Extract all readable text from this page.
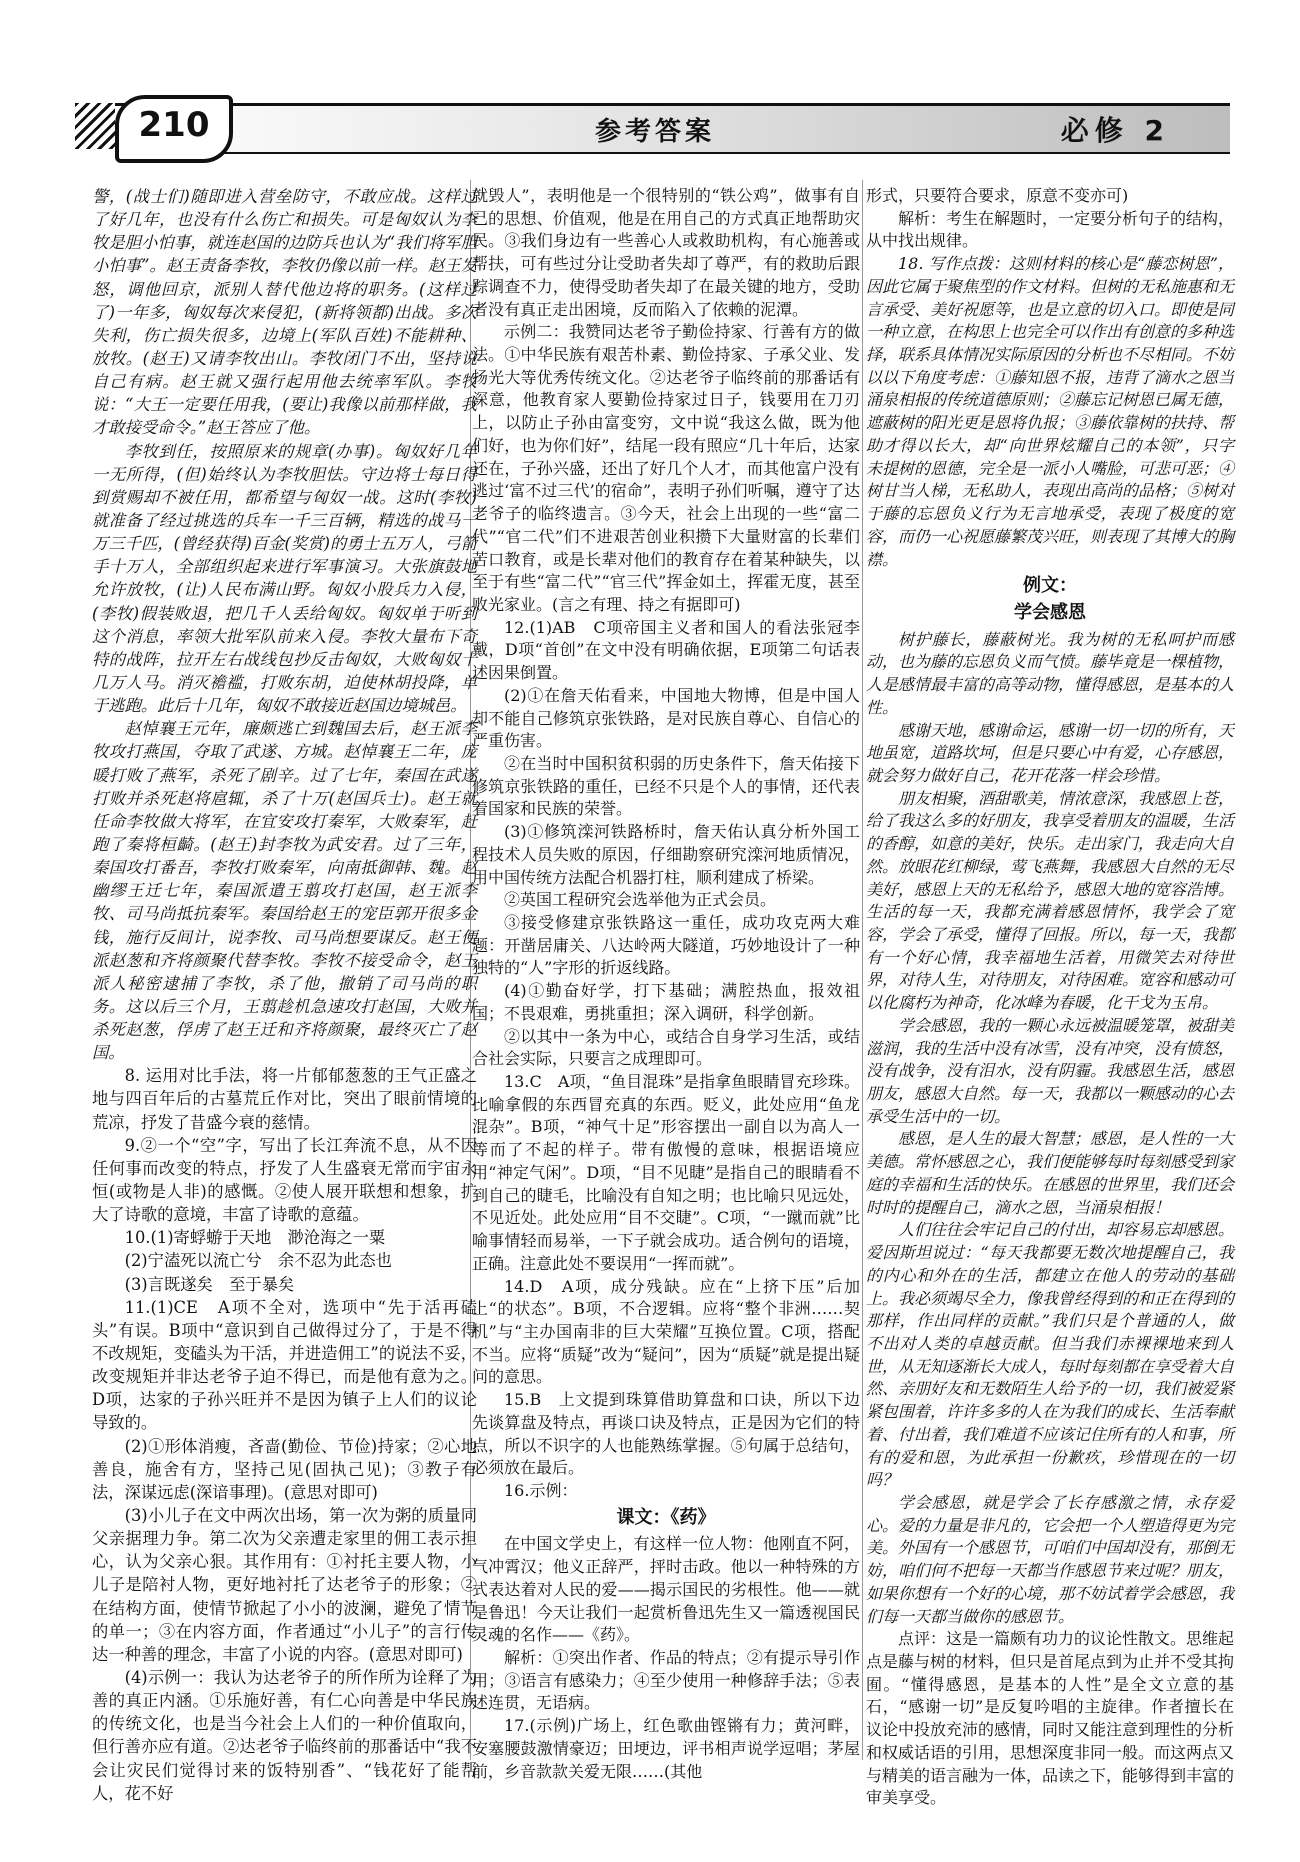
210	参考答案	必修 2

警，(战士们)随即进入营垒防守，不敢应战。这样过了好几年，也没有什么伤亡和损失。可是匈奴认为李牧是胆小怕事，就连赵国的边防兵也认为“我们将军胆小怕事”。赵王责备李牧，李牧仍像以前一样。赵王发怒，调他回京，派别人替代他边将的职务。(这样过了)一年多，匈奴每次来侵犯，(新将领都)出战。多次失利，伤亡损失很多，边境上(军队百姓)不能耕种、放牧。(赵王)又请李牧出山。李牧闭门不出，坚持说自己有病。赵王就又强行起用他去统率军队。李牧说：“大王一定要任用我，(要让)我像以前那样做，我才敢接受命令。”赵王答应了他。

李牧到任，按照原来的规章(办事)。匈奴好几年一无所得，(但)始终认为李牧胆怯。守边将士每日得到赏赐却不被任用，都希望与匈奴一战。这时(李牧)就准备了经过挑选的兵车一千三百辆，精选的战马一万三千匹，(曾经获得)百金(奖赏)的勇士五万人，弓箭手十万人，全部组织起来进行军事演习。大张旗鼓地允许放牧，(让)人民布满山野。匈奴小股兵力入侵，(李牧)假装败退，把几千人丢给匈奴。匈奴单于听到这个消息，率领大批军队前来入侵。李牧大量布下奇特的战阵，拉开左右战线包抄反击匈奴，大败匈奴十几万人马。消灭襜褴，打败东胡，迫使林胡投降，单于逃跑。此后十几年，匈奴不敢接近赵国边境城邑。

赵悼襄王元年，廉颇逃亡到魏国去后，赵王派李牧攻打燕国，夺取了武遂、方城。赵悼襄王二年，庞暖打败了燕军，杀死了剧辛。过了七年，秦国在武遂打败并杀死赵将扈辄，杀了十万(赵国兵士)。赵王就任命李牧做大将军，在宜安攻打秦军，大败秦军，赶跑了秦将桓齮。(赵王)封李牧为武安君。过了三年，秦国攻打番吾，李牧打败秦军，向南抵御韩、魏。赵幽缪王迁七年，秦国派遣王翦攻打赵国，赵王派李牧、司马尚抵抗秦军。秦国给赵王的宠臣郭开很多金钱，施行反间计，说李牧、司马尚想要谋反。赵王便派赵葱和齐将颜聚代替李牧。李牧不接受命令，赵王派人秘密逮捕了李牧，杀了他，撤销了司马尚的职务。这以后三个月，王翦趁机急速攻打赵国，大败并杀死赵葱，俘虏了赵王迁和齐将颜聚，最终灭亡了赵国。

8. 运用对比手法，将一片郁郁葱葱的王气正盛之地与四百年后的古墓荒丘作对比，突出了眼前情境的荒凉，抒发了昔盛今衰的慈情。

9.②一个“空”字，写出了长江奔流不息，从不因任何事而改变的特点，抒发了人生盛衰无常而宇宙永恒(或物是人非)的感慨。②使人展开联想和想象，扩大了诗歌的意境，丰富了诗歌的意蕴。

10.(1)寄蜉蝣于天地　渺沧海之一粟

(2)宁溘死以流亡兮　余不忍为此态也

(3)言既遂矣　至于暴矣

11.(1)CE　A项不全对，选项中“先于活再磕头”有误。B项中“意识到自己做得过分了，于是不得不改规矩，变磕头为干活，并进造佣工”的说法不妥，改变规矩并非达老爷子迫不得已，而是他有意为之。D项，达家的子孙兴旺并不是因为镇子上人们的议论导致的。

(2)①形体消瘦，吝啬(勤俭、节俭)持家；②心地善良，施舍有方，坚持己见(固执己见)；③教子有法，深谋远虑(深谙事理)。(意思对即可)

(3)小儿子在文中两次出场，第一次为粥的质量同父亲据理力争。第二次为父亲遭走家里的佣工表示担心，认为父亲心狠。其作用有：①衬托主要人物，小儿子是陪衬人物，更好地衬托了达老爷子的形象；②在结构方面，使情节掀起了小小的波澜，避免了情节的单一；③在内容方面，作者通过“小儿子”的言行传达一种善的理念，丰富了小说的内容。(意思对即可)

(4)示例一：我认为达老爷子的所作所为诠释了为善的真正内涵。①乐施好善，有仁心向善是中华民族的传统文化，也是当今社会上人们的一种价值取向，但行善亦应有道。②达老爷子临终前的那番话中“我不会让灾民们觉得讨来的饭特别香”、“钱花好了能帮人，花不好

就毁人”，表明他是一个很特别的“铁公鸡”，做事有自己的思想、价值观，他是在用自己的方式真正地帮助灾民。③我们身边有一些善心人或救助机构，有心施善或帮扶，可有些过分让受助者失却了尊严，有的救助后跟踪调查不力，使得受助者失却了在最关键的地方，受助者没有真正走出困境，反而陷入了依赖的泥潭。

示例二：我赞同达老爷子勤俭持家、行善有方的做法。①中华民族有艰苦朴素、勤俭持家、子承父业、发扬光大等优秀传统文化。②达老爷子临终前的那番话有深意，他教育家人要勤俭持家过日子，钱要用在刀刃上，以防止子孙由富变穷，文中说“我这么做，既为他们好，也为你们好”，结尾一段有照应“几十年后，达家还在，子孙兴盛，还出了好几个人才，而其他富户没有逃过‘富不过三代’的宿命”，表明子孙们听嘱，遵守了达老爷子的临终遗言。③今天，社会上出现的一些“富二代”“官二代”们不进艰苦创业积攒下大量财富的长辈们苦口教育，或是长辈对他们的教育存在着某种缺失，以至于有些“富二代”“官三代”挥金如土，挥霍无度，甚至败光家业。(言之有理、持之有据即可)

12.(1)AB　C项帝国主义者和国人的看法张冠李戴，D项“首创”在文中没有明确依据，E项第二句话表述因果倒置。

(2)①在詹天佑看来，中国地大物博，但是中国人却不能自己修筑京张铁路，是对民族自尊心、自信心的严重伤害。

②在当时中国积贫积弱的历史条件下，詹天佑接下修筑京张铁路的重任，已经不只是个人的事情，还代表着国家和民族的荣誉。

(3)①修筑滦河铁路桥时，詹天佑认真分析外国工程技术人员失败的原因，仔细勘察研究滦河地质情况，用中国传统方法配合机器打柱，顺利建成了桥梁。

②英国工程研究会选举他为正式会员。

③接受修建京张铁路这一重任，成功攻克两大难题：开凿居庸关、八达岭两大隧道，巧妙地设计了一种独特的“人”字形的折返线路。

(4)①勤奋好学，打下基础；满腔热血，报效祖国；不畏艰难，勇挑重担；深入调研，科学创新。

②以其中一条为中心，或结合自身学习生活，或结合社会实际，只要言之成理即可。

13.C　A项，“鱼目混珠”是指拿鱼眼睛冒充珍珠。比喻拿假的东西冒充真的东西。贬义，此处应用“鱼龙混杂”。B项，“神气十足”形容摆出一副自以为高人一等而了不起的样子。带有傲慢的意味，根据语境应用“神定气闲”。D项，“目不见睫”是指自己的眼睛看不到自己的睫毛，比喻没有自知之明；也比喻只见远处，不见近处。此处应用“目不交睫”。C项，“一蹴而就”比喻事情轻而易举，一下子就会成功。适合例句的语境，正确。注意此处不要误用“一挥而就”。

14.D　A项，成分残缺。应在“上挤下压”后加上“的状态”。B项，不合逻辑。应将“整个非洲……契机”与“主办国南非的巨大荣耀”互换位置。C项，搭配不当。应将“质疑”改为“疑问”，因为“质疑”就是提出疑问的意思。

15.B　上文提到珠算借助算盘和口诀，所以下边先谈算盘及特点，再谈口诀及特点，正是因为它们的特点，所以不识字的人也能熟练掌握。⑤句属于总结句，必须放在最后。

16.示例：

课文：《药》

在中国文学史上，有这样一位人物：他刚直不阿，气冲霄汉；他义正辞严，抨时击政。他以一种特殊的方式表达着对人民的爱——揭示国民的劣根性。他——就是鲁迅！今天让我们一起赏析鲁迅先生又一篇透视国民灵魂的名作——《药》。

解析：①突出作者、作品的特点；②有提示导引作用；③语言有感染力；④至少使用一种修辞手法；⑤表述连贯，无语病。

17.(示例)广场上，红色歌曲铿锵有力；黄河畔，安塞腰鼓激情豪迈；田埂边，评书相声说学逗唱；茅屋前，乡音款款关爱无限……(其他

形式，只要符合要求，原意不变亦可)

解析：考生在解题时，一定要分析句子的结构，从中找出规律。

18. 写作点拨：这则材料的核心是“藤恋树恩”，因此它属于聚焦型的作文材料。但树的无私施惠和无言承受、美好祝愿等，也是立意的切入口。即使是同一种立意，在构思上也完全可以作出有创意的多种选择，联系具体情况实际原因的分析也不尽相同。不妨以以下角度考虑：①藤知恩不报，违背了滴水之恩当涌泉相报的传统道德原则；②藤忘记树恩已属无德，遮蔽树的阳光更是恩将仇报；③藤依靠树的扶持、帮助才得以长大，却“向世界炫耀自己的本领”，只字未提树的恩德，完全是一派小人嘴脸，可悲可恶；④树甘当人梯，无私助人，表现出高尚的品格；⑤树对于藤的忘恩负义行为无言地承受，表现了极度的宽容，而仍一心祝愿藤繁茂兴旺，则表现了其博大的胸襟。

例文：
学会感恩

树护藤长，藤蔽树光。我为树的无私呵护而感动，也为藤的忘恩负义而气愤。藤毕竟是一棵植物，人是感情最丰富的高等动物，懂得感恩，是基本的人性。

感谢天地，感谢命运，感谢一切一切的所有，天地虽宽，道路坎坷，但是只要心中有爱，心存感恩，就会努力做好自己，花开花落一样会珍惜。

朋友相聚，酒甜歌美，情浓意深，我感恩上苍，给了我这么多的好朋友，我享受着朋友的温暖，生活的香醇，如意的美好，快乐。走出家门，我走向大自然。放眼花红柳绿，莺飞燕舞，我感恩大自然的无尽美好，感恩上天的无私给予，感恩大地的宽容浩博。生活的每一天，我都充满着感恩情怀，我学会了宽容，学会了承受，懂得了回报。所以，每一天，我都有一个好心情，我幸福地生活着，用微笑去对待世界，对待人生，对待朋友，对待困难。宽容和感动可以化腐朽为神奇，化冰峰为春暖，化干戈为玉帛。

学会感恩，我的一颗心永远被温暖笼罩，被甜美滋润，我的生活中没有冰雪，没有冲突，没有愤怒，没有战争，没有泪水，没有阴霾。我感恩生活，感恩朋友，感恩大自然。每一天，我都以一颗感动的心去承受生活中的一切。

感恩，是人生的最大智慧；感恩，是人性的一大美德。常怀感恩之心，我们便能够每时每刻感受到家庭的幸福和生活的快乐。在感恩的世界里，我们还会时时的提醒自己，滴水之恩，当涌泉相报！

人们往往会牢记自己的付出，却容易忘却感恩。爱因斯坦说过：“每天我都要无数次地提醒自己，我的内心和外在的生活，都建立在他人的劳动的基础上。我必须竭尽全力，像我曾经得到的和正在得到的那样，作出同样的贡献。”我们只是个普通的人，做不出对人类的卓越贡献。但当我们赤裸裸地来到人世，从无知逐渐长大成人，每时每刻都在享受着大自然、亲朋好友和无数陌生人给予的一切，我们被爱紧紧包围着，许许多多的人在为我们的成长、生活奉献着、付出着，我们难道不应该记住所有的人和事，所有的爱和恩，为此承担一份歉疚，珍惜现在的一切吗？

学会感恩，就是学会了长存感激之情，永存爱心。爱的力量是非凡的，它会把一个人塑造得更为完美。外国有一个感恩节，可咱们中国却没有，那倒无妨，咱们何不把每一天都当作感恩节来过呢？朋友，如果你想有一个好的心境，那不妨试着学会感恩，我们每一天都当做你的感恩节。

点评：这是一篇颇有功力的议论性散文。思维起点是藤与树的材料，但只是首尾点到为止并不受其拘囿。“懂得感恩，是基本的人性”是全文立意的基石，“感谢一切”是反复吟唱的主旋律。作者擅长在议论中投放充沛的感情，同时又能注意到理性的分析和权威话语的引用，思想深度非同一般。而这两点又与精美的语言融为一体，品读之下，能够得到丰富的审美享受。
